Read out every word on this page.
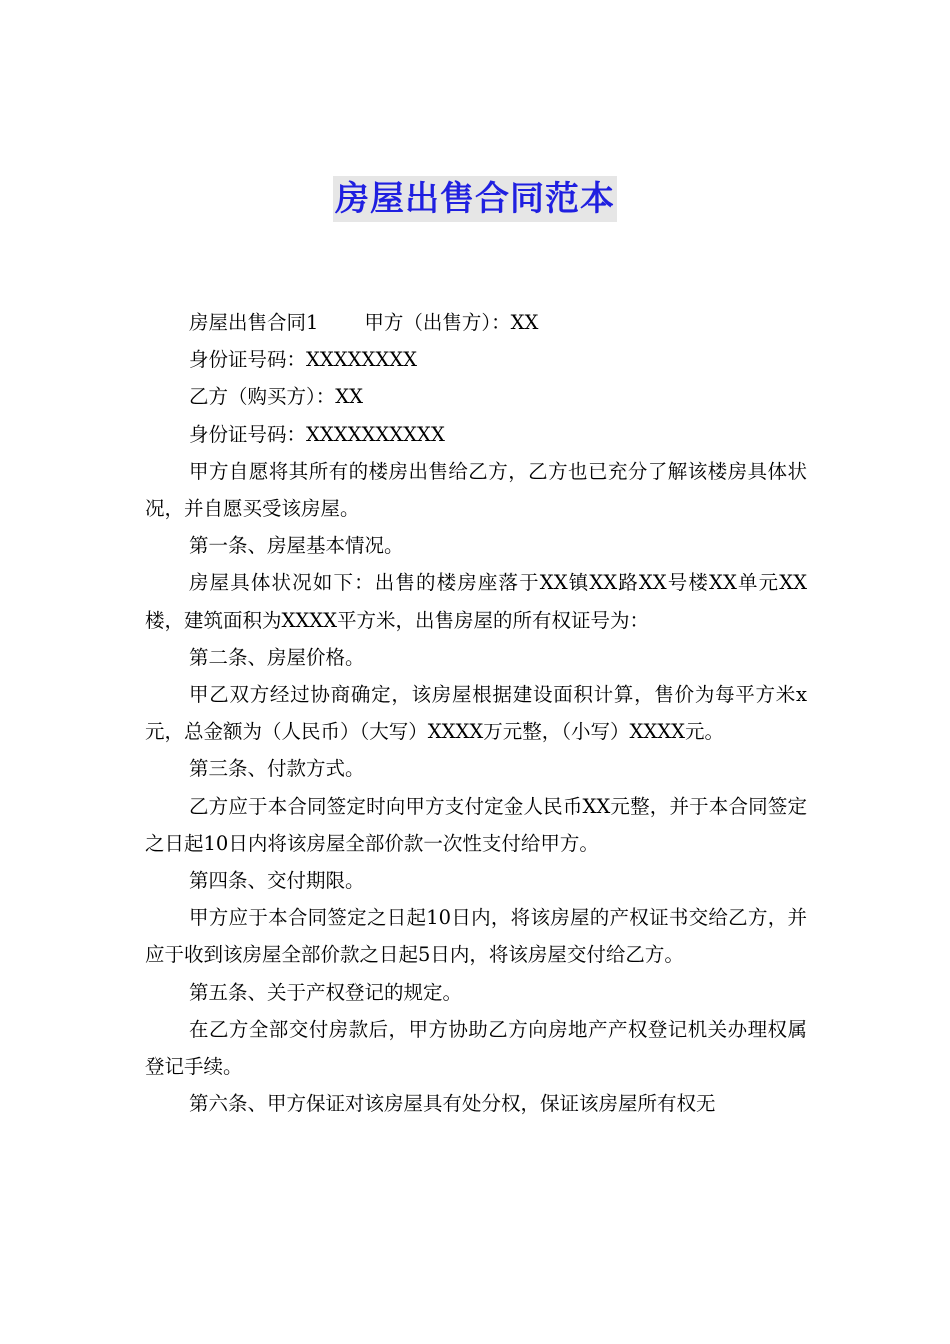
房屋出售合同范本

房屋出售合同1 甲方（出售方）：XX

身份证号码：XXXXXXXX

乙方（购买方）：XX

身份证号码：XXXXXXXXXX

甲方自愿将其所有的楼房出售给乙方，乙方也已充分了解该楼房具体状况，并自愿买受该房屋。

第一条、房屋基本情况。

房屋具体状况如下：出售的楼房座落于XX镇XX路XX号楼XX单元XX楼，建筑面积为XXXX平方米，出售房屋的所有权证号为：

第二条、房屋价格。

甲乙双方经过协商确定，该房屋根据建设面积计算，售价为每平方米x元，总金额为（人民币）（大写）XXXX万元整，（小写）XXXX元。

第三条、付款方式。

乙方应于本合同签定时向甲方支付定金人民币XX元整，并于本合同签定之日起10日内将该房屋全部价款一次性支付给甲方。

第四条、交付期限。

甲方应于本合同签定之日起10日内，将该房屋的产权证书交给乙方，并应于收到该房屋全部价款之日起5日内，将该房屋交付给乙方。

第五条、关于产权登记的规定。

在乙方全部交付房款后，甲方协助乙方向房地产产权登记机关办理权属登记手续。

第六条、甲方保证对该房屋具有处分权，保证该房屋所有权无
